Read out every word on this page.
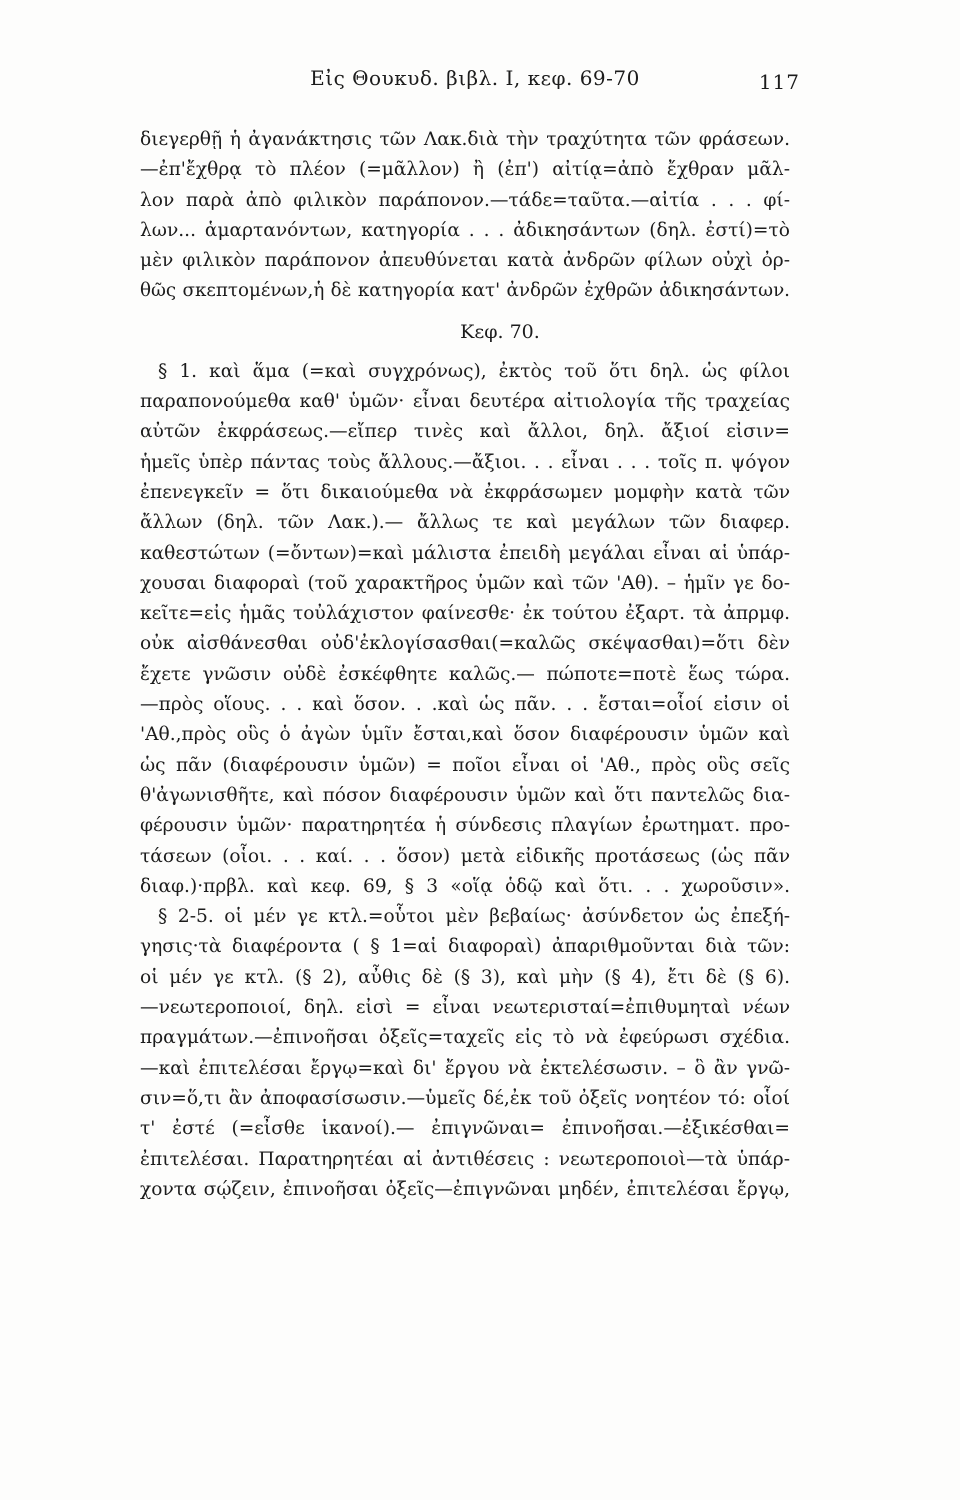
Εἰς Θουκυδ. βιβλ. Ι, κεφ. 69-70	117
διεγερθῇ ἡ ἀγανάκτησις τῶν Λακ.διὰ τὴν τραχύτητα τῶν φράσεων.
—ἐπ'ἔχθρᾳ τὸ πλέον (=μᾶλλον) ἢ (ἐπ') αἰτίᾳ=ἀπὸ ἔχθραν μᾶλ-
λον παρὰ ἀπὸ φιλικὸν παράπονον.—τάδε=ταῦτα.—αἰτία . . . φί-
λων... ἁμαρτανόντων, κατηγορία . . . ἀδικησάντων (δηλ. ἐστί)=τὸ
μὲν φιλικὸν παράπονον ἀπευθύνεται κατὰ ἀνδρῶν φίλων οὐχὶ ὀρ-
θῶς σκεπτομένων,ἡ δὲ κατηγορία κατ' ἀνδρῶν ἐχθρῶν ἀδικησάντων.
Κεφ. 70.
§ 1. καὶ ἅμα (=καὶ συγχρόνως), ἐκτὸς τοῦ ὅτι δηλ. ὡς φίλοι
παραπονούμεθα καθ' ὑμῶν· εἶναι δευτέρα αἰτιολογία τῆς τραχείας
αὐτῶν ἐκφράσεως.—εἴπερ τινὲς καὶ ἄλλοι, δηλ. ἄξιοί εἰσιν=
ἡμεῖς ὑπὲρ πάντας τοὺς ἄλλους.—ἄξιοι. . . εἶναι . . . τοῖς π. ψόγον
ἐπενεγκεῖν = ὅτι δικαιούμεθα νὰ ἐκφράσωμεν μομφὴν κατὰ τῶν
ἄλλων (δηλ. τῶν Λακ.).— ἄλλως τε καὶ μεγάλων τῶν διαφερ.
καθεστώτων (=ὄντων)=καὶ μάλιστα ἐπειδὴ μεγάλαι εἶναι αἱ ὑπάρ-
χουσαι διαφοραὶ (τοῦ χαρακτῆρος ὑμῶν καὶ τῶν 'Αθ). – ἡμῖν γε δο-
κεῖτε=εἰς ἡμᾶς τοὐλάχιστον φαίνεσθε· ἐκ τούτου ἐξαρτ. τὰ ἀπρμφ.
οὐκ αἰσθάνεσθαι οὐδ'ἐκλογίσασθαι(=καλῶς σκέψασθαι)=ὅτι δὲν
ἔχετε γνῶσιν οὐδὲ ἐσκέφθητε καλῶς.— πώποτε=ποτὲ ἕως τώρα.
—πρὸς οἵους. . . καὶ ὅσον. . .καὶ ὡς πᾶν. . . ἔσται=οἷοί εἰσιν οἱ
'Αθ.,πρὸς οὓς ὁ ἀγὼν ὑμῖν ἔσται,καὶ ὅσον διαφέρουσιν ὑμῶν καὶ
ὡς πᾶν (διαφέρουσιν ὑμῶν) = ποῖοι εἶναι οἱ 'Αθ., πρὸς οὓς σεῖς
θ'ἀγωνισθῆτε, καὶ πόσον διαφέρουσιν ὑμῶν καὶ ὅτι παντελῶς δια-
φέρουσιν ὑμῶν· παρατηρητέα ἡ σύνδεσις πλαγίων ἐρωτηματ. προ-
τάσεων (οἷοι. . . καί. . . ὅσον) μετὰ εἰδικῆς προτάσεως (ὡς πᾶν
διαφ.)·πρβλ. καὶ κεφ. 69, § 3 «οἵᾳ ὁδῷ καὶ ὅτι. . . χωροῦσιν».
§ 2-5. οἱ μέν γε κτλ.=οὗτοι μὲν βεβαίως· ἀσύνδετον ὡς ἐπεξή-
γησις·τὰ διαφέροντα ( § 1=αἱ διαφοραὶ) ἀπαριθμοῦνται διὰ τῶν:
οἱ μέν γε κτλ. (§ 2), αὖθις δὲ (§ 3), καὶ μὴν (§ 4), ἔτι δὲ (§ 6).
—νεωτεροποιοί, δηλ. εἰσὶ = εἶναι νεωτερισταί=ἐπιθυμηταὶ νέων
πραγμάτων.—ἐπινοῆσαι ὀξεῖς=ταχεῖς εἰς τὸ νὰ ἐφεύρωσι σχέδια.
—καὶ ἐπιτελέσαι ἔργῳ=καὶ δι' ἔργου νὰ ἐκτελέσωσιν. – ὃ ἂν γνῶ-
σιν=ὅ,τι ἂν ἀποφασίσωσιν.—ὑμεῖς δέ,ἐκ τοῦ ὀξεῖς νοητέον τό: οἷοί
τ' ἐστέ (=εἶσθε ἱκανοί).— ἐπιγνῶναι= ἐπινοῆσαι.—ἐξικέσθαι=
ἐπιτελέσαι. Παρατηρητέαι αἱ ἀντιθέσεις : νεωτεροποιοὶ—τὰ ὑπάρ-
χοντα σῴζειν, ἐπινοῆσαι ὀξεῖς—ἐπιγνῶναι μηδέν, ἐπιτελέσαι ἔργῳ,
